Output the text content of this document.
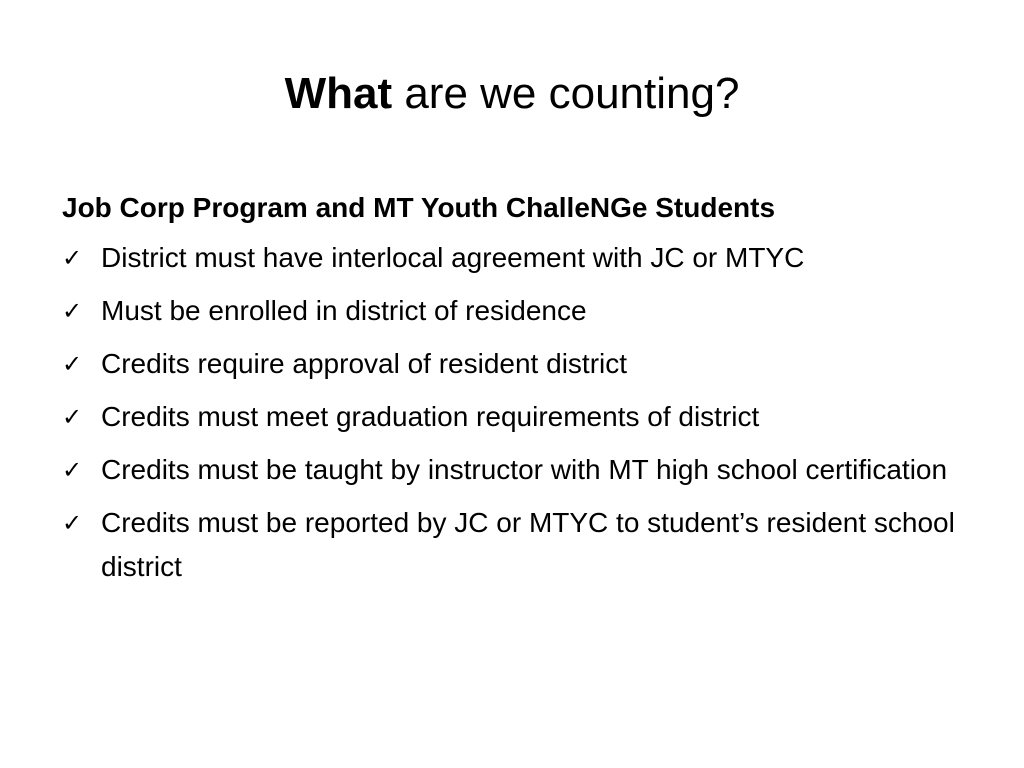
What are we counting?
Job Corp Program and MT Youth ChalleNGe Students
✓ District must have interlocal agreement with JC or MTYC
✓ Must be enrolled in district of residence
✓ Credits require approval of resident district
✓ Credits must meet graduation requirements of district
✓ Credits must be taught by instructor with MT high school certification
✓ Credits must be reported by JC or MTYC to student’s resident school district
